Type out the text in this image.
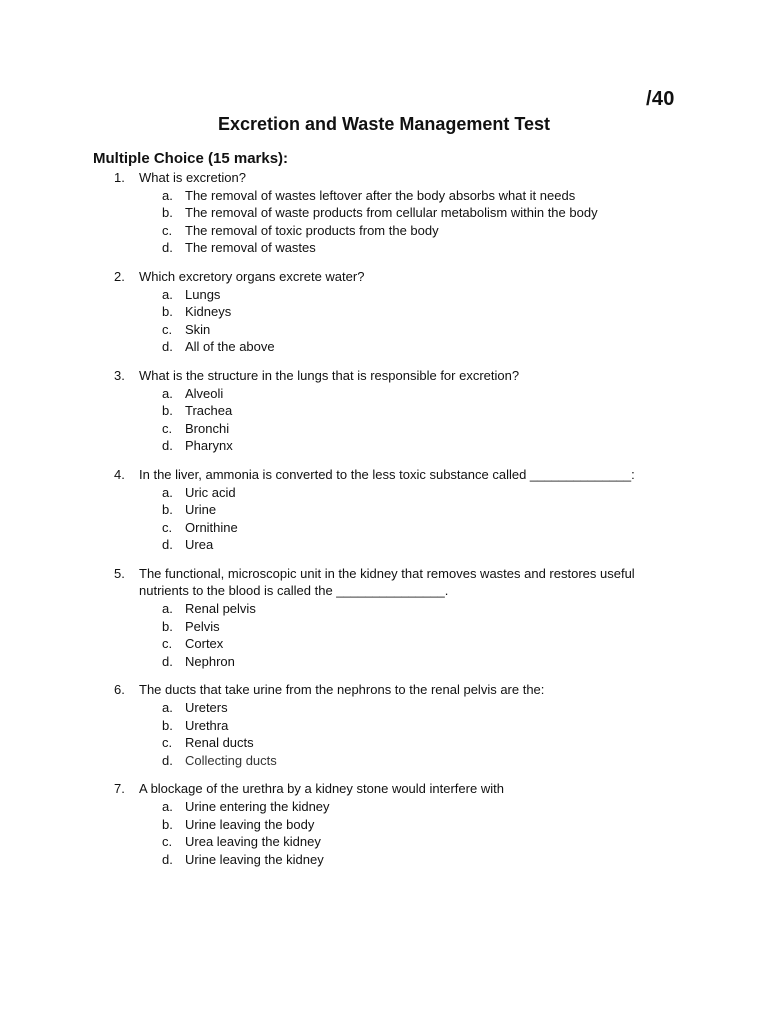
/40
Excretion and Waste Management Test
Multiple Choice (15 marks):
1.	What is excretion?
a. The removal of wastes leftover after the body absorbs what it needs
b. The removal of waste products from cellular metabolism within the body
c. The removal of toxic products from the body
d. The removal of wastes
2.	Which excretory organs excrete water?
a. Lungs
b. Kidneys
c. Skin
d. All of the above
3.	What is the structure in the lungs that is responsible for excretion?
a. Alveoli
b. Trachea
c. Bronchi
d. Pharynx
4.	In the liver, ammonia is converted to the less toxic substance called ______________:
a. Uric acid
b. Urine
c. Ornithine
d. Urea
5.	The functional, microscopic unit in the kidney that removes wastes and restores useful nutrients to the blood is called the _______________.
a. Renal pelvis
b. Pelvis
c. Cortex
d. Nephron
6.	The ducts that take urine from the nephrons to the renal pelvis are the:
a. Ureters
b. Urethra
c. Renal ducts
d. Collecting ducts
7.	A blockage of the urethra by a kidney stone would interfere with
a. Urine entering the kidney
b. Urine leaving the body
c. Urea leaving the kidney
d. Urine leaving the kidney
